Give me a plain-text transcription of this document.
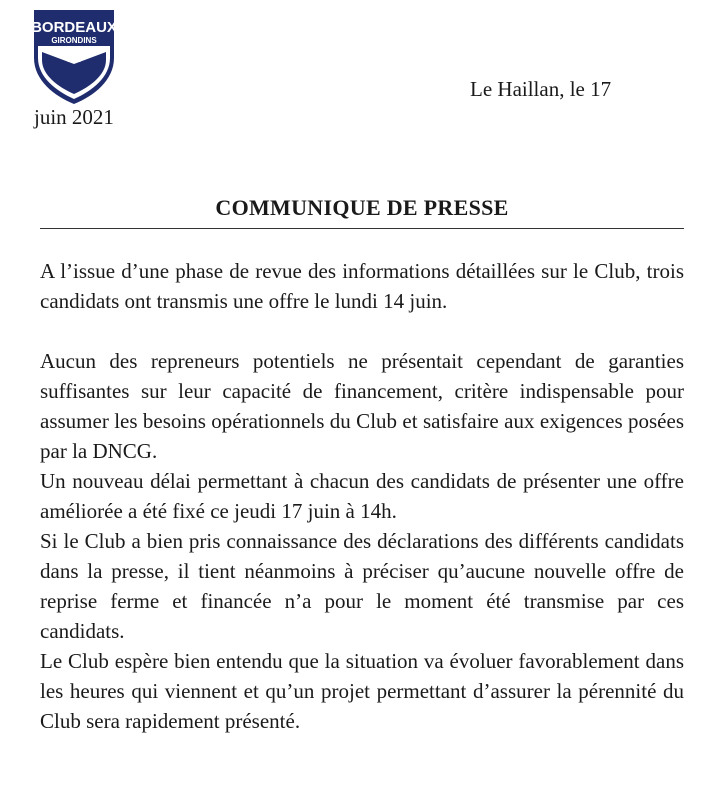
BORDEAUX
GIRONDINS
1881
Le Haillan, le 17
juin 2021
COMMUNIQUE DE PRESSE

A l’issue d’une phase de revue des informations détaillées sur le Club, trois candidats ont transmis une offre le lundi 14 juin.

Aucun des repreneurs potentiels ne présentait cependant de garanties suffisantes sur leur capacité de financement, critère indispensable pour assumer les besoins opérationnels du Club et satisfaire aux exigences posées par la DNCG.

Un nouveau délai permettant à chacun des candidats de présenter une offre améliorée a été fixé ce jeudi 17 juin à 14h.

Si le Club a bien pris connaissance des déclarations des différents candidats dans la presse, il tient néanmoins à préciser qu’aucune nouvelle offre de reprise ferme et financée n’a pour le moment été transmise par ces candidats.

Le Club espère bien entendu que la situation va évoluer favorablement dans les heures qui viennent et qu’un projet permettant d’assurer la pérennité du Club sera rapidement présenté.
